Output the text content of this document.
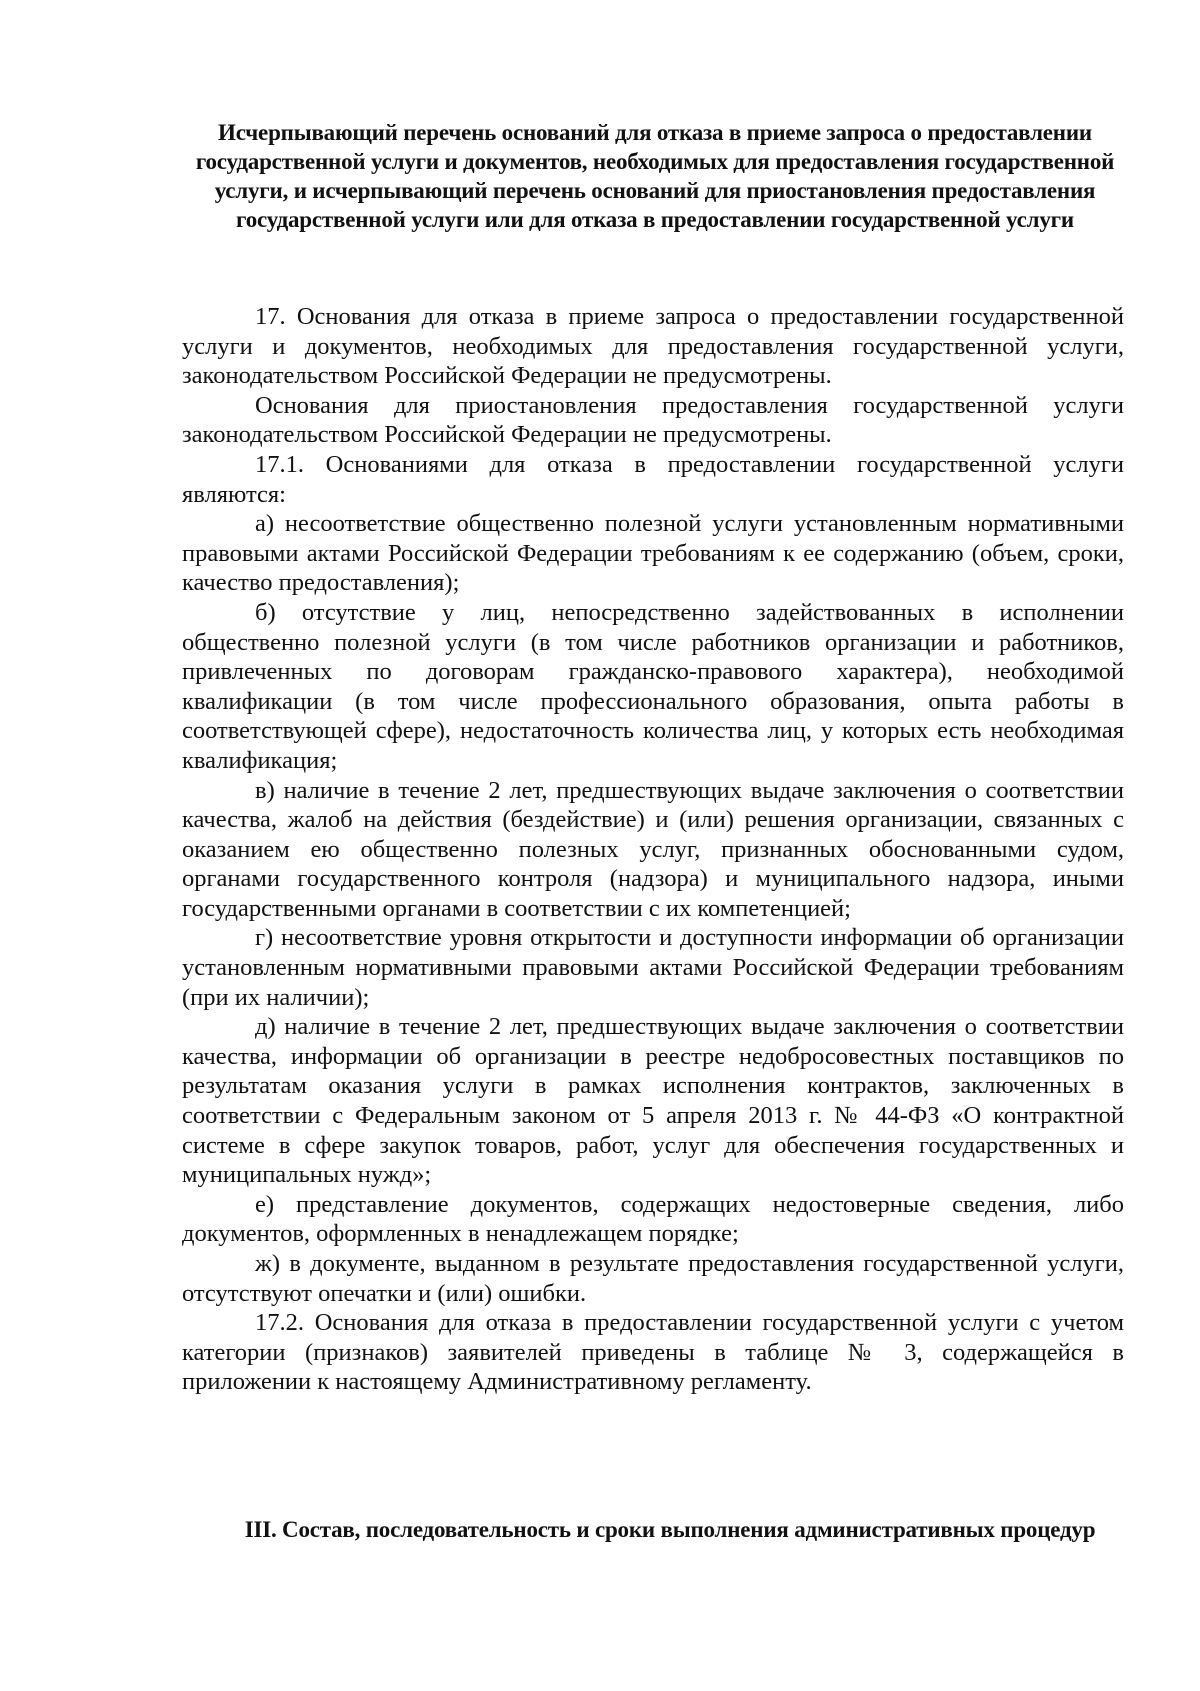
Исчерпывающий перечень оснований для отказа в приеме запроса о предоставлении государственной услуги и документов, необходимых для предоставления государственной услуги, и исчерпывающий перечень оснований для приостановления предоставления государственной услуги или для отказа в предоставлении государственной услуги

17. Основания для отказа в приеме запроса о предоставлении государственной услуги и документов, необходимых для предоставления государственной услуги, законодательством Российской Федерации не предусмотрены.

Основания для приостановления предоставления государственной услуги законодательством Российской Федерации не предусмотрены.

17.1. Основаниями для отказа в предоставлении государственной услуги являются:

а) несоответствие общественно полезной услуги установленным нормативными правовыми актами Российской Федерации требованиям к ее содержанию (объем, сроки, качество предоставления);

б) отсутствие у лиц, непосредственно задействованных в исполнении общественно полезной услуги (в том числе работников организации и работников, привлеченных по договорам гражданско-правового характера), необходимой квалификации (в том числе профессионального образования, опыта работы в соответствующей сфере), недостаточность количества лиц, у которых есть необходимая квалификация;

в) наличие в течение 2 лет, предшествующих выдаче заключения о соответствии качества, жалоб на действия (бездействие) и (или) решения организации, связанных с оказанием ею общественно полезных услуг, признанных обоснованными судом, органами государственного контроля (надзора) и муниципального надзора, иными государственными органами в соответствии с их компетенцией;

г) несоответствие уровня открытости и доступности информации об организации установленным нормативными правовыми актами Российской Федерации требованиям (при их наличии);

д) наличие в течение 2 лет, предшествующих выдаче заключения о соответствии качества, информации об организации в реестре недобросовестных поставщиков по результатам оказания услуги в рамках исполнения контрактов, заключенных в соответствии с Федеральным законом от 5 апреля 2013 г. № 44-ФЗ «О контрактной системе в сфере закупок товаров, работ, услуг для обеспечения государственных и муниципальных нужд»;

е) представление документов, содержащих недостоверные сведения, либо документов, оформленных в ненадлежащем порядке;

ж) в документе, выданном в результате предоставления государственной услуги, отсутствуют опечатки и (или) ошибки.

17.2. Основания для отказа в предоставлении государственной услуги с учетом категории (признаков) заявителей приведены в таблице № 3, содержащейся в приложении к настоящему Административному регламенту.

III. Состав, последовательность и сроки выполнения административных процедур
